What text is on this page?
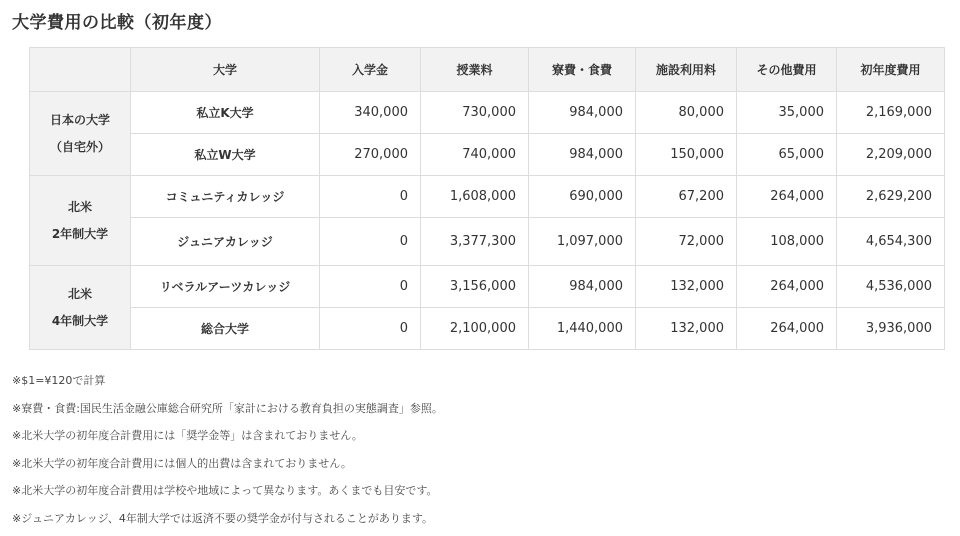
大学費用の比較（初年度）
	大学	入学金	授業料	寮費・食費	施設利用料	その他費用	初年度費用

日本の大学
（自宅外）	私立K大学	340,000	730,000	984,000	80,000	35,000	2,169,000
	私立W大学	270,000	740,000	984,000	150,000	65,000	2,209,000

北米
2年制大学	コミュニティカレッジ	0	1,608,000	690,000	67,200	264,000	2,629,200
	ジュニアカレッジ	0	3,377,300	1,097,000	72,000	108,000	4,654,300

北米
4年制大学	リベラルアーツカレッジ	0	3,156,000	984,000	132,000	264,000	4,536,000
	総合大学	0	2,100,000	1,440,000	132,000	264,000	3,936,000
※$1=¥120で計算
※寮費・食費:国民生活金融公庫総合研究所「家計における教育負担の実態調査」参照。
※北米大学の初年度合計費用には「奨学金等」は含まれておりません。
※北米大学の初年度合計費用には個人的出費は含まれておりません。
※北米大学の初年度合計費用は学校や地域によって異なります。あくまでも目安です。
※ジュニアカレッジ、4年制大学では返済不要の奨学金が付与されることがあります。
